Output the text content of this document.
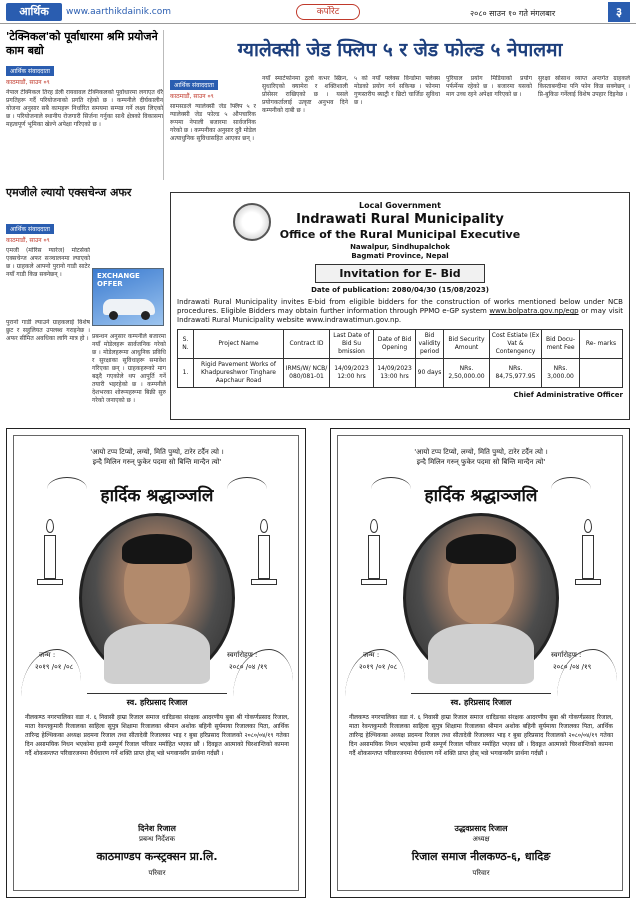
आर्थिक	www.aarthikdainik.com	कर्पोरेट	२०८० साउन १० गते मंगलबार	३
'टेक्निकल'को पूर्वाधारमा श्रमि प्रयोजने काम बद्यो
आर्थिक संवाददाता
काठमाडौं, साउन ०९
नेपाल टेक्निकल तिरह डेली रायवावल टेक्निकलको पूर्वाधारमा लगाएत धेरै प्रगतिहरू गर्दै परियोजनाको प्रगति रहेको छ । कम्पनीले दीर्घकालीन योजना अनुसार सबै कामहरू निर्धारित समयमा सम्पन्न गर्ने लक्ष्य लिएको छ । परियोजनाले स्थानीय रोजगारी सिर्जना गर्नुका साथै क्षेत्रको विकासमा महत्वपूर्ण भूमिका खेल्ने अपेक्षा गरिएको छ ।
एमजीले ल्यायो एक्सचेन्ज अफर
आर्थिक संवाददाता
काठमाडौं, साउन ०९
एमजी (मोरिस ग्यारेज) मोटर्सको एक्सचेन्ज अफर सञ्चालनमा ल्याएको छ । ग्राहकले आफ्नो पुरानो गाडी साटेर नयाँ गाडी किन्न सक्नेछन् ।
पुरानो गाडी ल्याउने ग्राहकलाई विशेष छुट र सहुलियत उपलब्ध गराइनेछ । अफर सीमित अवधिका लागि मात्र हो ।
EXCHANGE OFFER
प्रबन्धन अनुसार कम्पनीले बजारमा नयाँ मोडेलहरू सार्वजनिक गरेको छ । मोडेलहरूमा आधुनिक प्रविधि र सुरक्षाका सुविधाहरू समावेश गरिएका छन् । ग्राहकहरूको माग बढ्दै गएकोले थप आपूर्ति गर्ने तयारी भइरहेको छ । कम्पनीले देशभरका शोरूमहरूमा बिक्री सुरु गरेको जनाएको छ ।
ग्यालेक्सी जेड फ्लिप ५ र जेड फोल्ड ५ नेपालमा
आर्थिक संवाददाता
काठमाडौं, साउन ०९
सामसङले ग्यालेक्सी जेड फ्लिप ५ र ग्यालेक्सी जेड फोल्ड ५ औपचारिक रूपमा नेपाली बजारमा सार्वजनिक गरेको छ । कम्पनीका अनुसार दुवै मोडेल अत्याधुनिक सुविधासहित आएका छन् ।
नयाँ स्मार्टफोनमा ठूलो कभर स्क्रिन, सुधारिएको क्यामेरा र शक्तिशाली प्रोसेसर राखिएको छ । यसले प्रयोगकर्तालाई उत्कृष्ट अनुभव दिने कम्पनीको दाबी छ ।
५ को नयाँ फ्लेक्स विन्डोमा फ्लेक्स मोडको प्रयोग गर्न सकिन्छ । फोनमा गुणस्तरीय ब्याट्री र छिटो चार्जिङ सुविधा छ ।
पुरियाल प्रयोग मिडियाको प्रयोग पर्फर्मेन्स रहेको छ । बजारमा यसको माग उच्च रहने अपेक्षा गरिएको छ ।
सुरक्षा स्रोसाथ व्याप्त अन्तर्गत ग्राहकले किस्ताबन्दीमा पनि फोन किन्न सक्नेछन् । प्रि-बुकिङ गर्नेलाई विशेष उपहार दिइनेछ ।
Local Government
Indrawati Rural Municipality
Office of the Rural Municipal Executive
Nawalpur, Sindhupalchok
Bagmati Province, Nepal
Invitation for E- Bid
Date of publication: 2080/04/30 (15/08/2023)
Indrawati Rural Municipality invites E-bid from eligible bidders for the construction of works mentioned below under NCB procedures. Eligible Bidders may obtain further information through PPMO e-GP system www.bolpatra.gov.np/egp or may visit Indrawati Rural Municipality website www.indrawatimun.gov.np.
S. N.	Project Name	Contract ID	Last Date of Bid Su bmission	Date of Bid Opening	Bid validity period	Bid Security Amount	Cost Estiate (Ex Vat & Contengency	Bid Docu- ment Fee	Re- marks
1.	Rigid Pavement Works of Khadpureshwor Tinghare Aapchaur Road	IRMS/W/ NCB/ 080/081-01	14/09/2023 12:00 hrs	14/09/2023 13:00 hrs	90 days	NRs. 2,50,000.00	NRs. 84,75,977.95	NRs. 3,000.00	
Chief Administrative Officer
'आयो टप्प टिप्यो, लग्यो, मिति पुग्यो, टारेर टर्दैन त्यो ।
इन्दै मिलिन गरुन् फुकेर पदमा सो बिन्ति मान्दैन त्यो'
हार्दिक श्रद्धाञ्जलि
जन्म :
२०१९ /०१ /०८
स्वर्गारोहण :
२०८० /०४ /१९
स्व. हरिप्रसाद रिजाल
नीलकण्ठ नगरपालिका वडा नं. ६ निवासी हाम्रा रिजाल समाज धादिङका संरक्षक आदरणीय बुबा श्री गोकर्णप्रसाद रिजाल, माता रेवन्तकुमारी रिजालका साहिला सुपुत्र शिक्षामा रिजालका श्रीमान अशोक बहिनी सुर्यमाया रिजालका पिता, आर्थिक तारिन्द्र हेल्थिकका अध्यक्ष प्रदमना रिजाल तथा सीतादेवी रिजालका भाइ र बुबा हरिप्रसाद रिजालको २०८०/०४/१९ गतेका दिन असामयिक निधन भएकोमा हामी सम्पूर्ण रिजाल परिवार मर्माहित भएका छौं । दिवङ्गत आत्माको चिरशान्तिको कामना गर्दै शोकसन्तप्त परिवारजनमा धैर्यधारण गर्ने शक्ति प्राप्त होस् भन्ने भगवानसँग प्रार्थना गर्दछौं ।
दिनेश रिजाल
प्रबन्ध निर्देशक
काठमाण्डप कन्स्ट्रक्सन प्रा.लि.
परिवार
'आयो टप्प टिप्यो, लग्यो, मिति पुग्यो, टारेर टर्दैन त्यो ।
इन्दै मिलिन गरुन् फुकेर पदमा सो बिन्ति मान्दैन त्यो'
हार्दिक श्रद्धाञ्जलि
जन्म :
२०१९ /०१ /०८
स्वर्गारोहण :
२०८० /०४ /१९
स्व. हरिप्रसाद रिजाल
नीलकण्ठ नगरपालिका वडा नं. ६ निवासी हाम्रा रिजाल समाज धादिङका संरक्षक आदरणीय बुबा श्री गोकर्णप्रसाद रिजाल, माता रेवन्तकुमारी रिजालका साहिला सुपुत्र शिक्षामा रिजालका श्रीमान अशोक बहिनी सुर्यमाया रिजालका पिता, आर्थिक तारिन्द्र हेल्थिकका अध्यक्ष प्रदमना रिजाल तथा सीतादेवी रिजालका भाइ र बुबा हरिप्रसाद रिजालको २०८०/०४/१९ गतेका दिन असामयिक निधन भएकोमा हामी सम्पूर्ण रिजाल परिवार मर्माहित भएका छौं । दिवङ्गत आत्माको चिरशान्तिको कामना गर्दै शोकसन्तप्त परिवारजनमा धैर्यधारण गर्ने शक्ति प्राप्त होस् भन्ने भगवानसँग प्रार्थना गर्दछौं ।
उद्धवप्रसाद रिजाल
अध्यक्ष
रिजाल समाज नीलकण्ठ-६, धादिङ
परिवार
